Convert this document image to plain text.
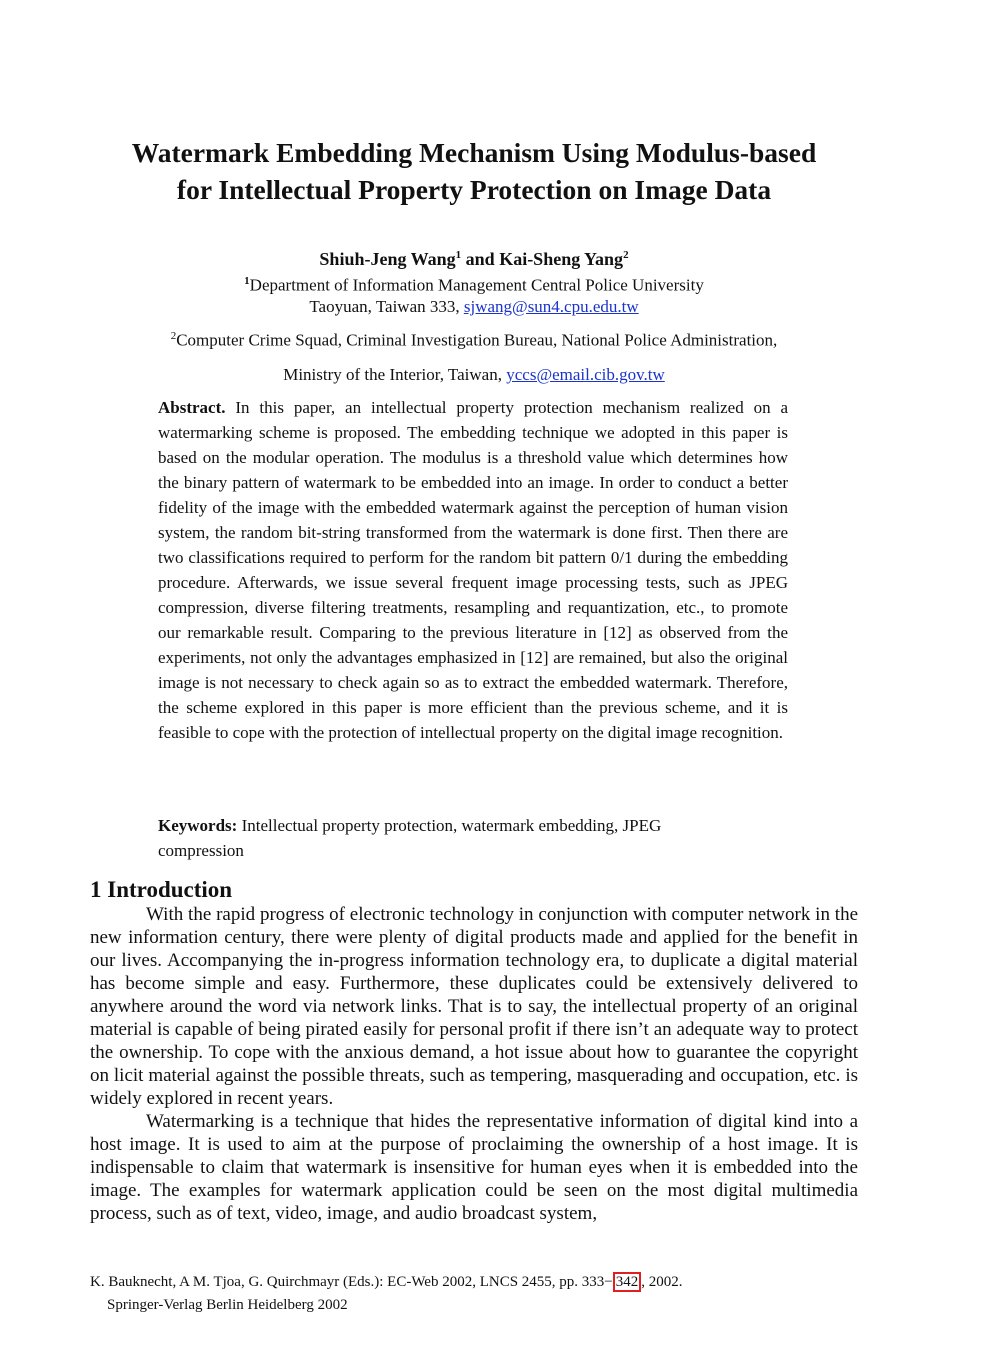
Watermark Embedding Mechanism Using Modulus-based
for Intellectual Property Protection on Image Data
Shiuh-Jeng Wang$^1$ and Kai-Sheng Yang$^2$
$^1$Department of Information Management Central Police University
Taoyuan, Taiwan 333, sjwang@sun4.cpu.edu.tw
$^2$Computer Crime Squad, Criminal Investigation Bureau, National Police Administration,
Ministry of the Interior, Taiwan, yccs@email.cib.gov.tw
Abstract. In this paper, an intellectual property protection mechanism realized on a watermarking scheme is proposed. The embedding technique we adopted in this paper is based on the modular operation. The modulus is a threshold value which determines how the binary pattern of watermark to be embedded into an image. In order to conduct a better fidelity of the image with the embedded watermark against the perception of human vision system, the random bit-string transformed from the watermark is done first. Then there are two classifications required to perform for the random bit pattern 0/1 during the embedding procedure. Afterwards, we issue several frequent image processing tests, such as JPEG compression, diverse filtering treatments, resampling and requantization, etc., to promote our remarkable result. Comparing to the previous literature in [12] as observed from the experiments, not only the advantages emphasized in [12] are remained, but also the original image is not necessary to check again so as to extract the embedded watermark. Therefore, the scheme explored in this paper is more efficient than the previous scheme, and it is feasible to cope with the protection of intellectual property on the digital image recognition.
Keywords: Intellectual property protection, watermark embedding, JPEG compression
1 Introduction

With the rapid progress of electronic technology in conjunction with computer network in the new information century, there were plenty of digital products made and applied for the benefit in our lives. Accompanying the in-progress information technology era, to duplicate a digital material has become simple and easy. Furthermore, these duplicates could be extensively delivered to anywhere around the word via network links. That is to say, the intellectual property of an original material is capable of being pirated easily for personal profit if there isn’t an adequate way to protect the ownership. To cope with the anxious demand, a hot issue about how to guarantee the copyright on licit material against the possible threats, such as tempering, masquerading and occupation, etc. is widely explored in recent years.

Watermarking is a technique that hides the representative information of digital kind into a host image. It is used to aim at the purpose of proclaiming the ownership of a host image. It is indispensable to claim that watermark is insensitive for human eyes when it is embedded into the image. The examples for watermark application could be seen on the most digital multimedia process, such as of text, video, image, and audio broadcast system,

K. Bauknecht, A M. Tjoa, G. Quirchmayr (Eds.): EC-Web 2002, LNCS 2455, pp. 333− 342 , 2002.
Springer-Verlag Berlin Heidelberg 2002
